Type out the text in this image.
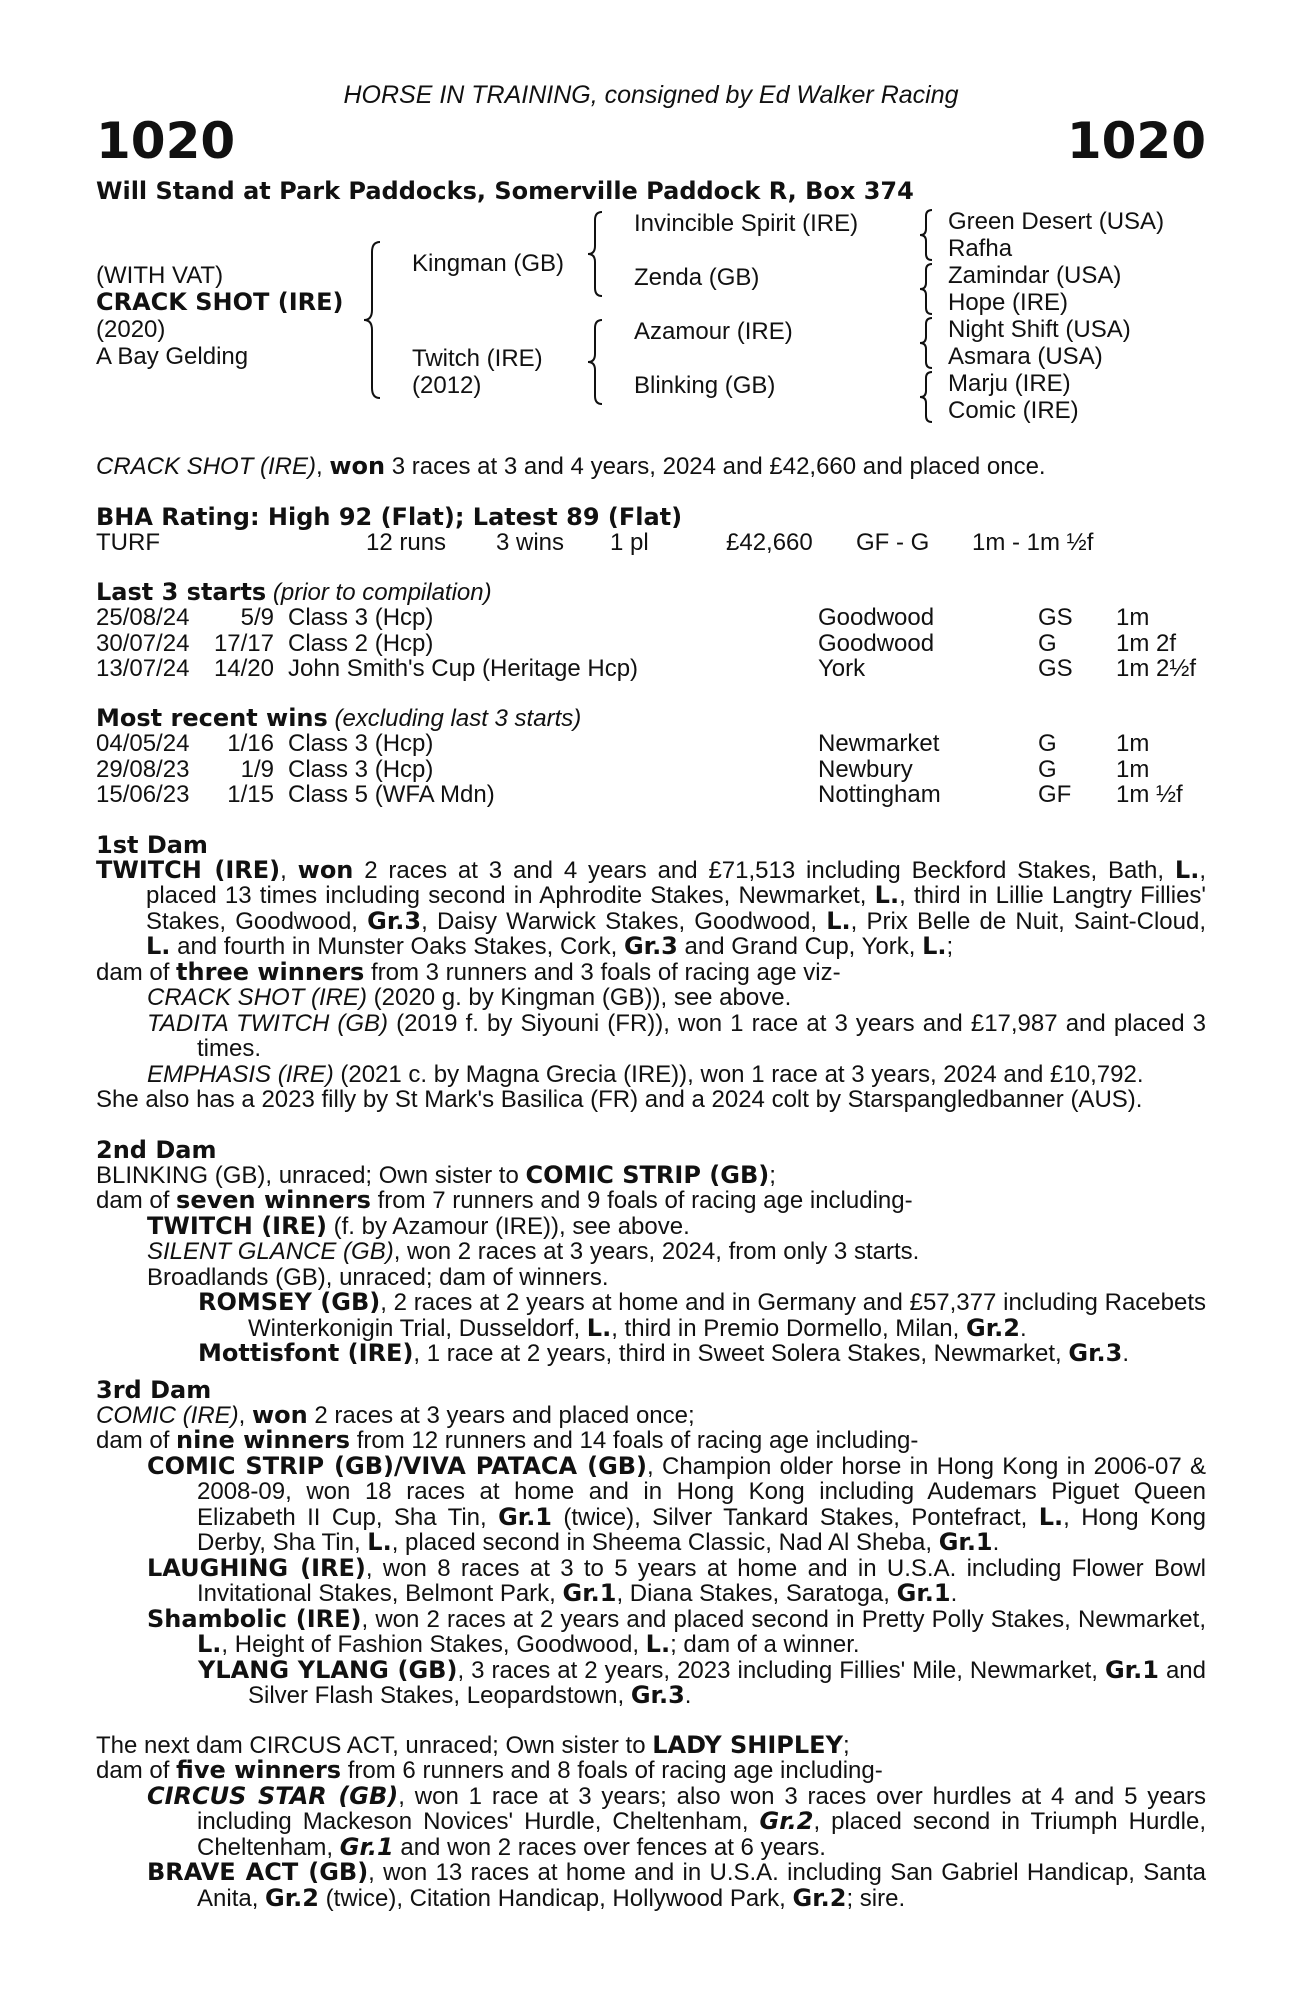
HORSE IN TRAINING, consigned by Ed Walker Racing
1020	1020
Will Stand at Park Paddocks, Somerville Paddock R, Box 374
(WITH VAT)
CRACK SHOT (IRE)
(2020)
A Bay Gelding
Kingman (GB)
Twitch (IRE)
(2012)
Invincible Spirit (IRE)
Zenda (GB)
Azamour (IRE)
Blinking (GB)
Green Desert (USA)
Rafha
Zamindar (USA)
Hope (IRE)
Night Shift (USA)
Asmara (USA)
Marju (IRE)
Comic (IRE)

CRACK SHOT (IRE), won 3 races at 3 and 4 years, 2024 and £42,660 and placed once.

BHA Rating: High 92 (Flat); Latest 89 (Flat)

TURF	12 runs 3 wins 1 pl	£42,660 GF - G 1m - 1m ½f

Last 3 starts (prior to compilation)

25/08/24 5/9 Class 3 (Hcp)	Goodwood	GS 1m
30/07/24 17/17 Class 2 (Hcp)	Goodwood	G 1m 2f
13/07/24 14/20 John Smith's Cup (Heritage Hcp)	York	GS 1m 2½f

Most recent wins (excluding last 3 starts)

04/05/24 1/16 Class 3 (Hcp)	Newmarket	G 1m
29/08/23 1/9 Class 3 (Hcp)	Newbury	G 1m
15/06/23 1/15 Class 5 (WFA Mdn)	Nottingham	GF 1m ½f

1st Dam

TWITCH (IRE), won 2 races at 3 and 4 years and £71,513 including Beckford Stakes, Bath, L., placed 13 times including second in Aphrodite Stakes, Newmarket, L., third in Lillie Langtry Fillies' Stakes, Goodwood, Gr.3, Daisy Warwick Stakes, Goodwood, L., Prix Belle de Nuit, Saint-Cloud, L. and fourth in Munster Oaks Stakes, Cork, Gr.3 and Grand Cup, York, L.;

dam of three winners from 3 runners and 3 foals of racing age viz-

CRACK SHOT (IRE) (2020 g. by Kingman (GB)), see above.

TADITA TWITCH (GB) (2019 f. by Siyouni (FR)), won 1 race at 3 years and £17,987 and placed 3 times.

EMPHASIS (IRE) (2021 c. by Magna Grecia (IRE)), won 1 race at 3 years, 2024 and £10,792.

She also has a 2023 filly by St Mark's Basilica (FR) and a 2024 colt by Starspangledbanner (AUS).

2nd Dam

BLINKING (GB), unraced; Own sister to COMIC STRIP (GB);

dam of seven winners from 7 runners and 9 foals of racing age including-

TWITCH (IRE) (f. by Azamour (IRE)), see above.

SILENT GLANCE (GB), won 2 races at 3 years, 2024, from only 3 starts.

Broadlands (GB), unraced; dam of winners.

ROMSEY (GB), 2 races at 2 years at home and in Germany and £57,377 including Racebets Winterkonigin Trial, Dusseldorf, L., third in Premio Dormello, Milan, Gr.2.

Mottisfont (IRE), 1 race at 2 years, third in Sweet Solera Stakes, Newmarket, Gr.3.

3rd Dam

COMIC (IRE), won 2 races at 3 years and placed once;

dam of nine winners from 12 runners and 14 foals of racing age including-

COMIC STRIP (GB)/VIVA PATACA (GB), Champion older horse in Hong Kong in 2006-07 & 2008-09, won 18 races at home and in Hong Kong including Audemars Piguet Queen Elizabeth II Cup, Sha Tin, Gr.1 (twice), Silver Tankard Stakes, Pontefract, L., Hong Kong Derby, Sha Tin, L., placed second in Sheema Classic, Nad Al Sheba, Gr.1.

LAUGHING (IRE), won 8 races at 3 to 5 years at home and in U.S.A. including Flower Bowl Invitational Stakes, Belmont Park, Gr.1, Diana Stakes, Saratoga, Gr.1.

Shambolic (IRE), won 2 races at 2 years and placed second in Pretty Polly Stakes, Newmarket, L., Height of Fashion Stakes, Goodwood, L.; dam of a winner.

YLANG YLANG (GB), 3 races at 2 years, 2023 including Fillies' Mile, Newmarket, Gr.1 and Silver Flash Stakes, Leopardstown, Gr.3.

The next dam CIRCUS ACT, unraced; Own sister to LADY SHIPLEY;

dam of five winners from 6 runners and 8 foals of racing age including-

CIRCUS STAR (GB), won 1 race at 3 years; also won 3 races over hurdles at 4 and 5 years including Mackeson Novices' Hurdle, Cheltenham, Gr.2, placed second in Triumph Hurdle, Cheltenham, Gr.1 and won 2 races over fences at 6 years.

BRAVE ACT (GB), won 13 races at home and in U.S.A. including San Gabriel Handicap, Santa Anita, Gr.2 (twice), Citation Handicap, Hollywood Park, Gr.2; sire.
